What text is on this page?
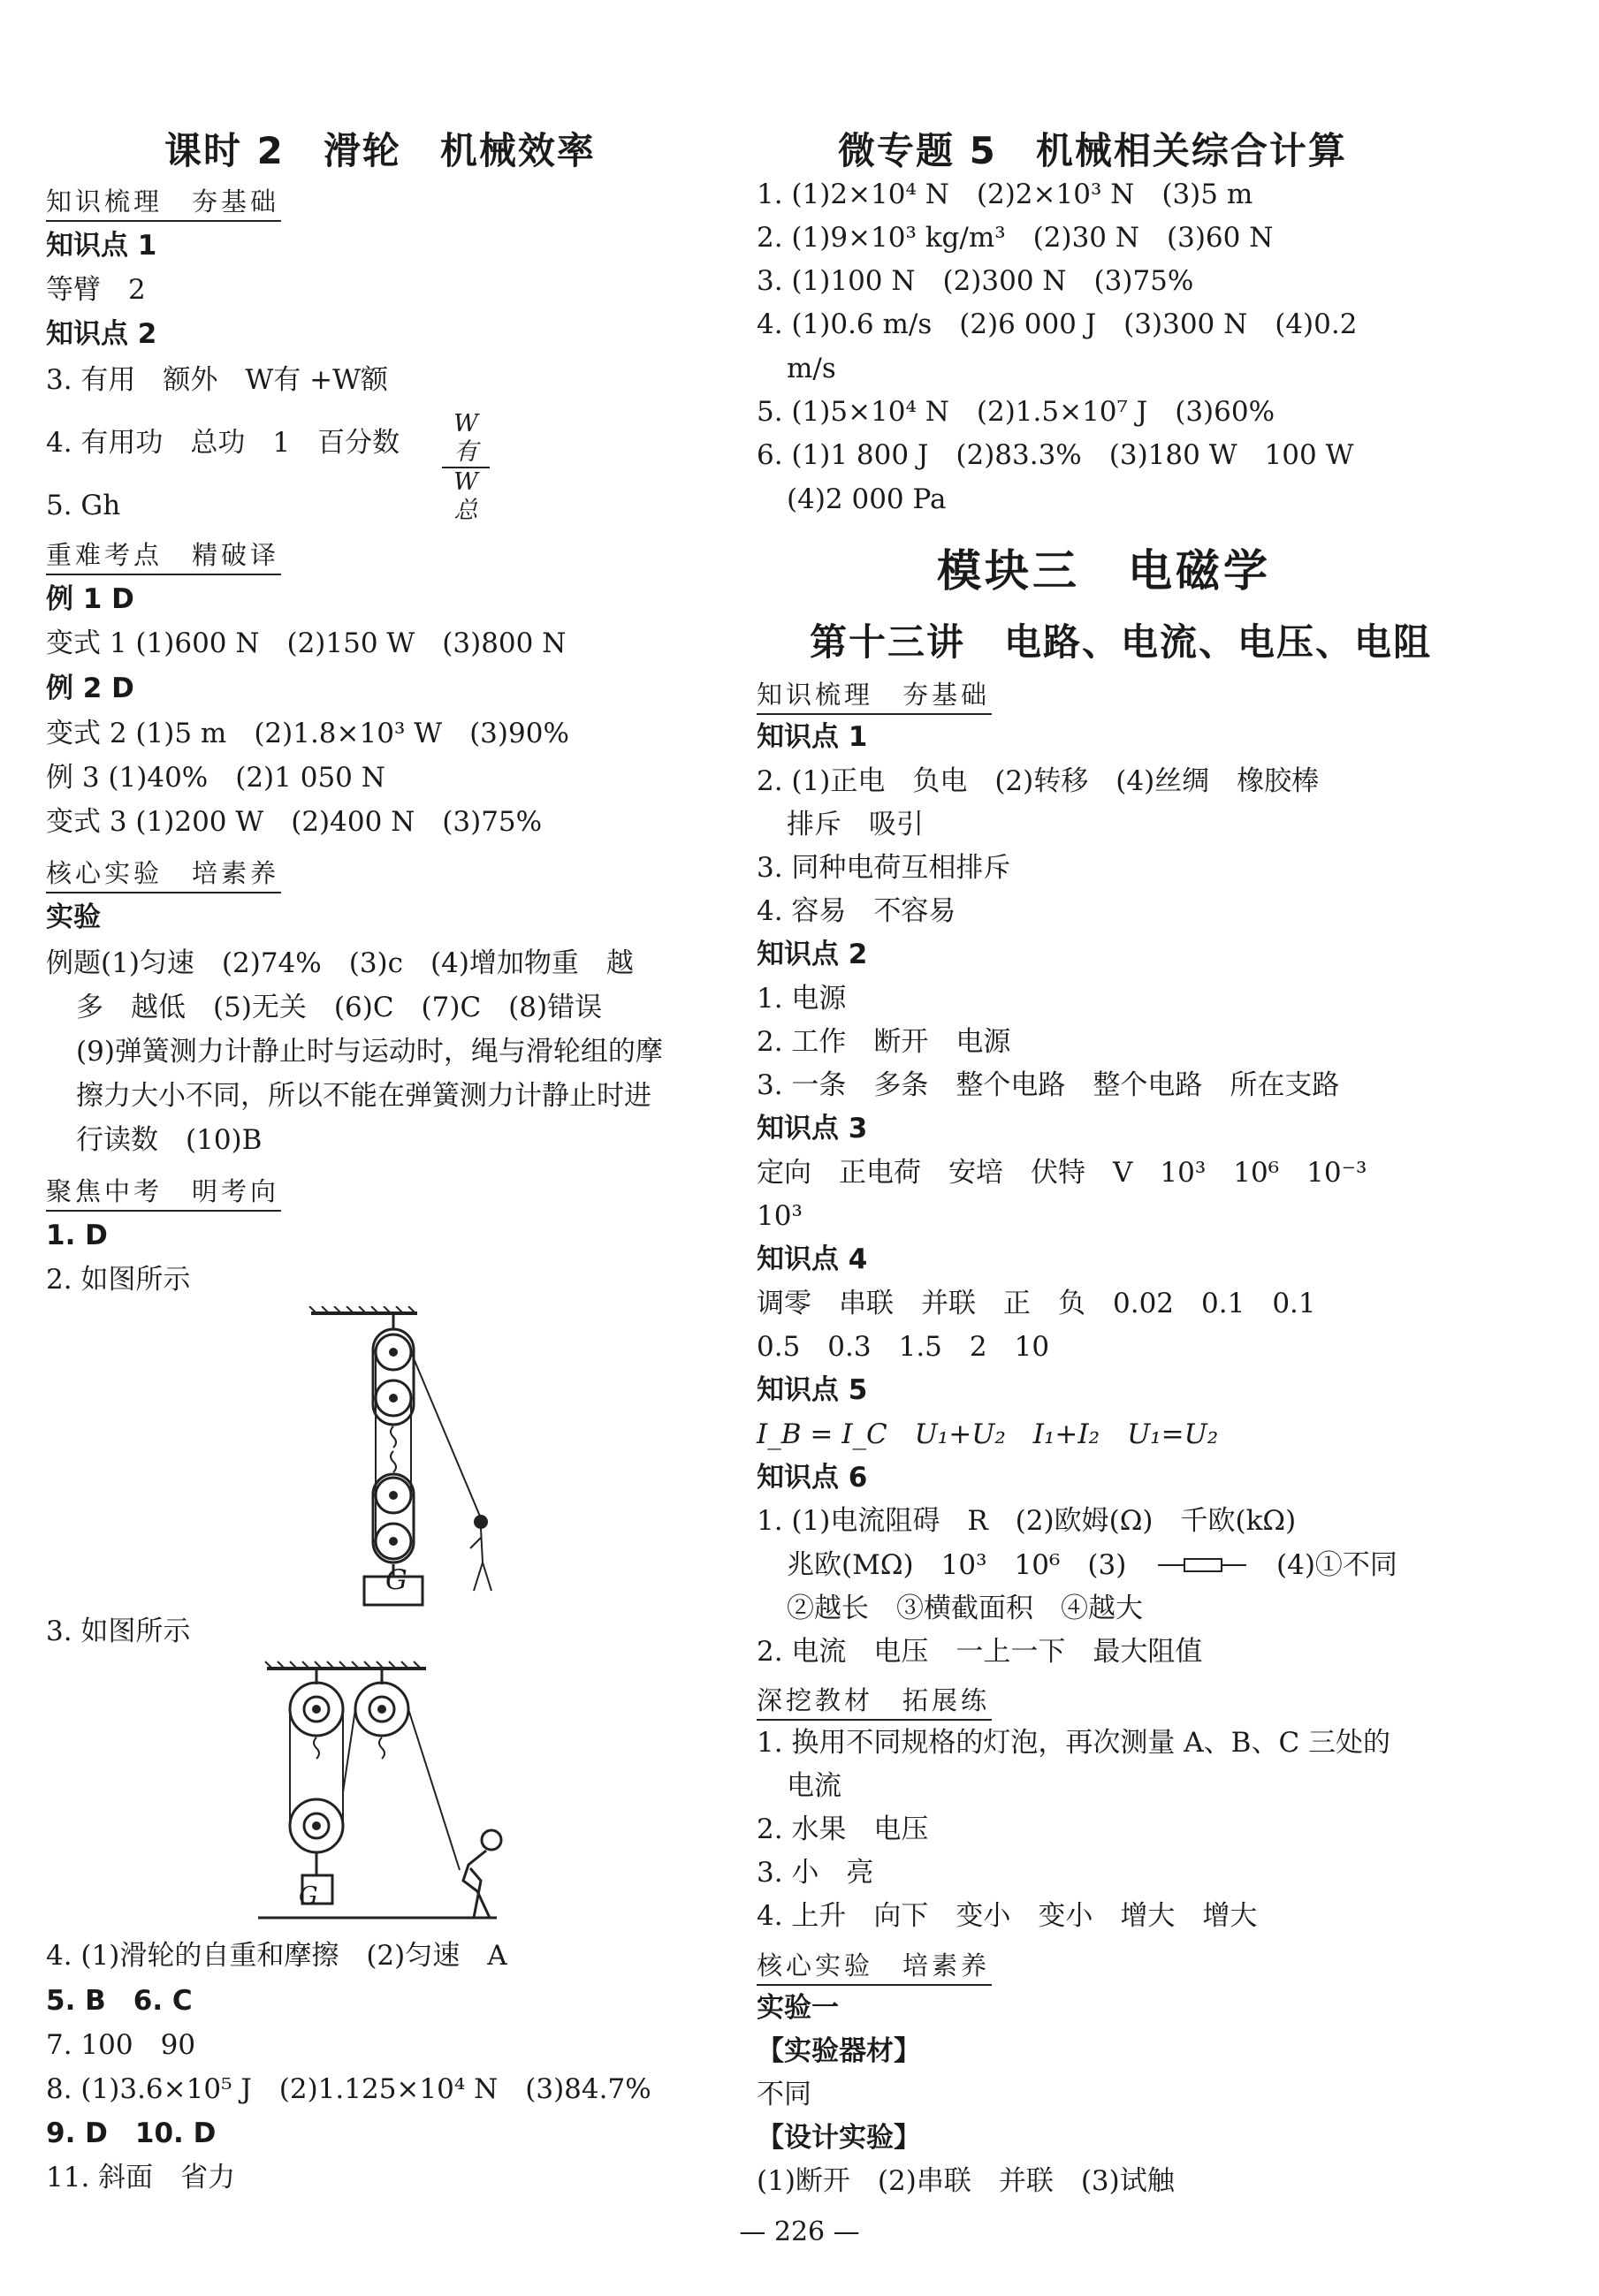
课时 2　滑轮　机械效率
知识梳理　夯基础
知识点 1
等臂　2
知识点 2
3. 有用　额外　W有 +W额
4. 有用功　总功　1　百分数
W有
W总
5. Gh
重难考点　精破译
例 1 D
变式 1 (1)600 N　(2)150 W　(3)800 N
例 2 D
变式 2 (1)5 m　(2)1.8×10³ W　(3)90%
例 3 (1)40%　(2)1 050 N
变式 3 (1)200 W　(2)400 N　(3)75%
核心实验　培素养
实验
例题(1)匀速　(2)74%　(3)c　(4)增加物重　越
多　越低　(5)无关　(6)C　(7)C　(8)错误
(9)弹簧测力计静止时与运动时，绳与滑轮组的摩
擦力大小不同，所以不能在弹簧测力计静止时进
行读数　(10)B
聚焦中考　明考向
1. D
2. 如图所示
G
3. 如图所示
G
4. (1)滑轮的自重和摩擦　(2)匀速　A
5. B　6. C
7. 100　90
8. (1)3.6×10⁵ J　(2)1.125×10⁴ N　(3)84.7%
9. D　10. D
11. 斜面　省力
微专题 5　机械相关综合计算
1. (1)2×10⁴ N　(2)2×10³ N　(3)5 m
2. (1)9×10³ kg/m³　(2)30 N　(3)60 N
3. (1)100 N　(2)300 N　(3)75%
4. (1)0.6 m/s　(2)6 000 J　(3)300 N　(4)0.2
m/s
5. (1)5×10⁴ N　(2)1.5×10⁷ J　(3)60%
6. (1)1 800 J　(2)83.3%　(3)180 W　100 W
(4)2 000 Pa
模块三　电磁学
第十三讲　电路、电流、电压、电阻
知识梳理　夯基础
知识点 1
2. (1)正电　负电　(2)转移　(4)丝绸　橡胶棒
排斥　吸引
3. 同种电荷互相排斥
4. 容易　不容易
知识点 2
1. 电源
2. 工作　断开　电源
3. 一条　多条　整个电路　整个电路　所在支路
知识点 3
定向　正电荷　安培　伏特　V　10³　10⁶　10⁻³
10³
知识点 4
调零　串联　并联　正　负　0.02　0.1　0.1
0.5　0.3　1.5　2　10
知识点 5
I_B = I_C　U₁+U₂　I₁+I₂　U₁=U₂
知识点 6
1. (1)电流阻碍　R　(2)欧姆(Ω)　千欧(kΩ)
兆欧(MΩ)　10³　10⁶　(3)	(4)①不同
②越长　③横截面积　④越大
2. 电流　电压　一上一下　最大阻值
深挖教材　拓展练
1. 换用不同规格的灯泡，再次测量 A、B、C 三处的
电流
2. 水果　电压
3. 小　亮
4. 上升　向下　变小　变小　增大　增大
核心实验　培素养
实验一
【实验器材】
不同
【设计实验】
(1)断开　(2)串联　并联　(3)试触
— 226 —
